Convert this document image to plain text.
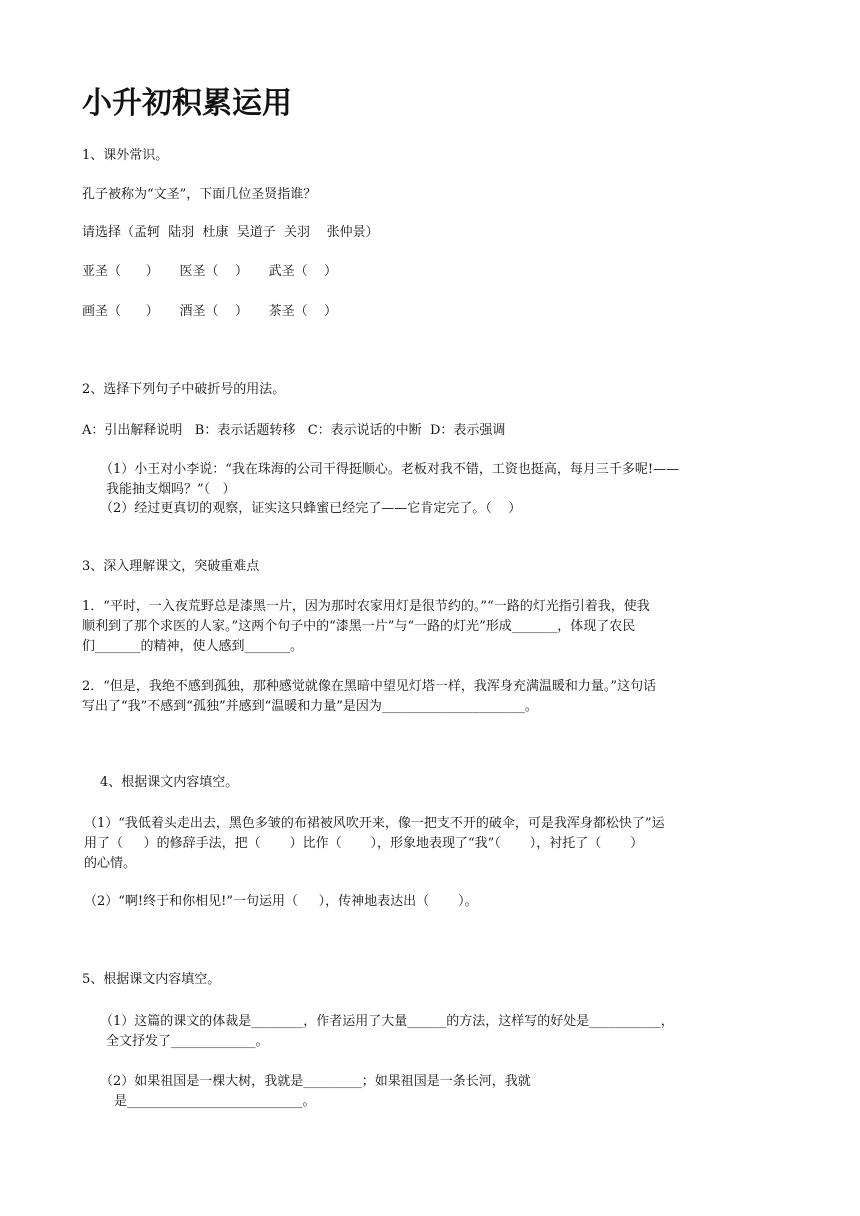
小升初积累运用
1、课外常识。
孔子被称为“文圣”，下面几位圣贤指谁？
请选择（孟轲  陆羽  杜康  吴道子  关羽    张仲景）
亚圣（      ）     医圣（    ）     武圣（    ）
画圣（      ）     酒圣（    ）     茶圣（    ）
2、选择下列句子中破折号的用法。
A：引出解释说明   B：表示话题转移   C：表示说话的中断  D：表示强调
（1）小王对小李说：“我在珠海的公司干得挺顺心。老板对我不错，工资也挺高，每月三千多呢!——
我能抽支烟吗？”（   ）
（2）经过更真切的观察，证实这只蜂蜜已经完了——它肯定完了。（    ）
3、深入理解课文，突破重难点
1．“平时，一入夜荒野总是漆黑一片，因为那时农家用灯是很节约的。”“一路的灯光指引着我，使我
顺利到了那个求医的人家。”这两个句子中的“漆黑一片”与“一路的灯光”形成_______，体现了农民
们_______的精神，使人感到_______。
2．“但是，我绝不感到孤独，那种感觉就像在黑暗中望见灯塔一样，我浑身充满温暖和力量。”这句话
写出了“我”不感到“孤独”并感到“温暖和力量”是因为______________________。
4、根据课文内容填空。
（1）“我低着头走出去，黑色多皱的布裙被风吹开来，像一把支不开的破伞，可是我浑身都松快了”运
用了（     ）的修辞手法，把（       ）比作（       ），形象地表现了“我”（       ），衬托了（       ）
的心情。
（2）“啊!终于和你相见!”一句运用（     ），传神地表达出（       ）。
5、根据课文内容填空。
（1）这篇的课文的体裁是________，作者运用了大量______的方法，这样写的好处是___________，
全文抒发了_____________。
（2）如果祖国是一棵大树，我就是_________；如果祖国是一条长河，我就
是___________________________。
